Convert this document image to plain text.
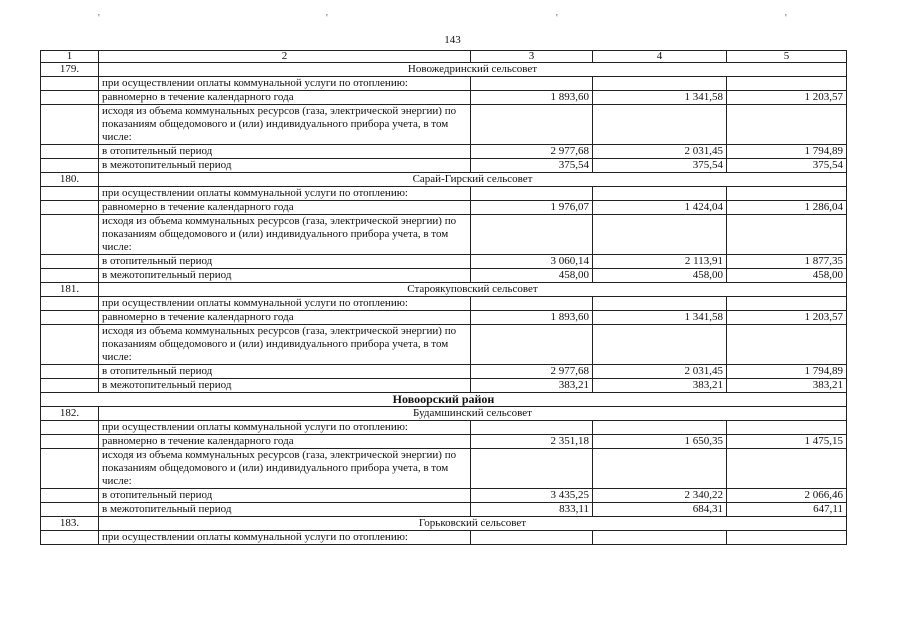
'	'	'	'
143
1	2	3	4	5
179.	Новожедринский сельсовет			
	при осуществлении оплаты коммунальной услуги по отоплению:			
	равномерно в течение календарного года	1 893,60	1 341,58	1 203,57
	исходя из объема коммунальных ресурсов (газа, электрической энергии) по показаниям общедомового и (или) индивидуального прибора учета, в том числе:			
	в отопительный период	2 977,68	2 031,45	1 794,89
	в межотопительный период	375,54	375,54	375,54
180.	Сарай-Гирский сельсовет			
	при осуществлении оплаты коммунальной услуги по отоплению:			
	равномерно в течение календарного года	1 976,07	1 424,04	1 286,04
	исходя из объема коммунальных ресурсов (газа, электрической энергии) по показаниям общедомового и (или) индивидуального прибора учета, в том числе:			
	в отопительный период	3 060,14	2 113,91	1 877,35
	в межотопительный период	458,00	458,00	458,00
181.	Староякуповский сельсовет			
	при осуществлении оплаты коммунальной услуги по отоплению:			
	равномерно в течение календарного года	1 893,60	1 341,58	1 203,57
	исходя из объема коммунальных ресурсов (газа, электрической энергии) по показаниям общедомового и (или) индивидуального прибора учета, в том числе:			
	в отопительный период	2 977,68	2 031,45	1 794,89
	в межотопительный период	383,21	383,21	383,21
Новоорский район				
182.	Будамшинский сельсовет			
	при осуществлении оплаты коммунальной услуги по отоплению:			
	равномерно в течение календарного года	2 351,18	1 650,35	1 475,15
	исходя из объема коммунальных ресурсов (газа, электрической энергии) по показаниям общедомового и (или) индивидуального прибора учета, в том числе:			
	в отопительный период	3 435,25	2 340,22	2 066,46
	в межотопительный период	833,11	684,31	647,11
183.	Горьковский сельсовет			
	при осуществлении оплаты коммунальной услуги по отоплению:			
